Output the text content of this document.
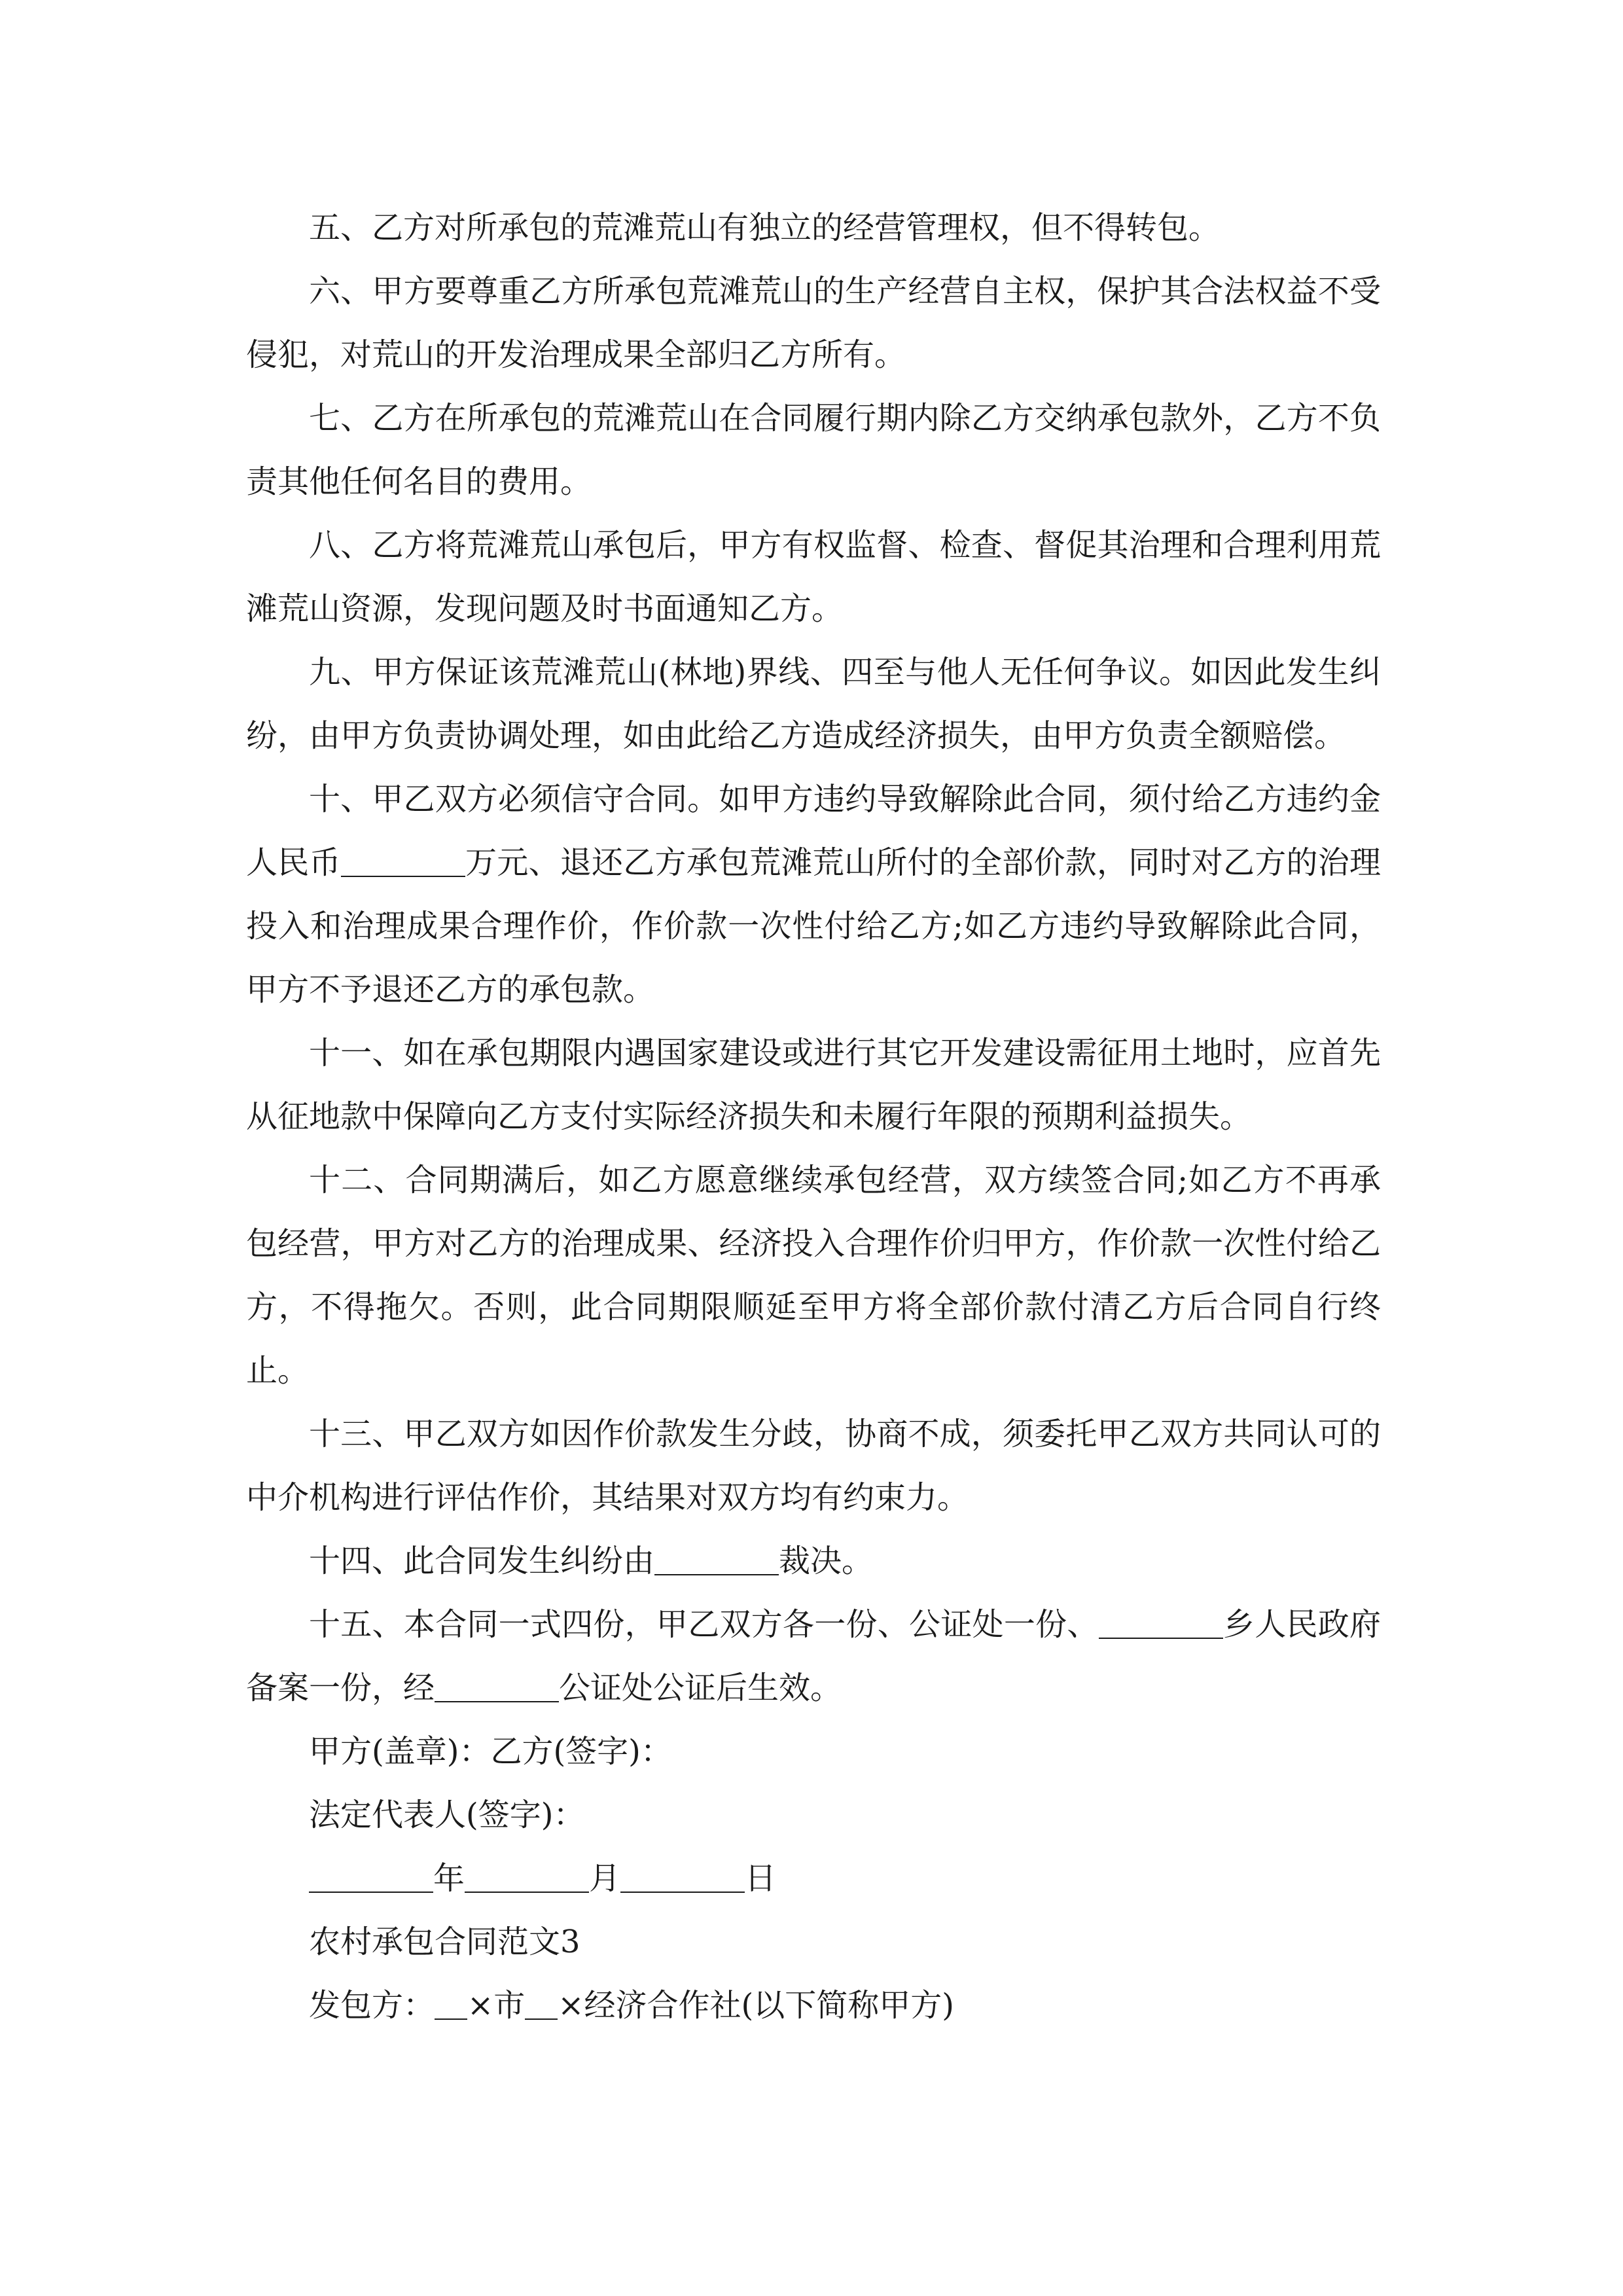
五、乙方对所承包的荒滩荒山有独立的经营管理权，但不得转包。

六、甲方要尊重乙方所承包荒滩荒山的生产经营自主权，保护其合法权益不受侵犯，对荒山的开发治理成果全部归乙方所有。

七、乙方在所承包的荒滩荒山在合同履行期内除乙方交纳承包款外，乙方不负责其他任何名目的费用。

八、乙方将荒滩荒山承包后，甲方有权监督、检查、督促其治理和合理利用荒滩荒山资源，发现问题及时书面通知乙方。

九、甲方保证该荒滩荒山(林地)界线、四至与他人无任何争议。如因此发生纠纷，由甲方负责协调处理，如由此给乙方造成经济损失，由甲方负责全额赔偿。

十、甲乙双方必须信守合同。如甲方违约导致解除此合同，须付给乙方违约金人民币	万元、退还乙方承包荒滩荒山所付的全部价款，同时对乙方的治理投入和治理成果合理作价，作价款一次性付给乙方;如乙方违约导致解除此合同，甲方不予退还乙方的承包款。

十一、如在承包期限内遇国家建设或进行其它开发建设需征用土地时，应首先从征地款中保障向乙方支付实际经济损失和未履行年限的预期利益损失。

十二、合同期满后，如乙方愿意继续承包经营，双方续签合同;如乙方不再承包经营，甲方对乙方的治理成果、经济投入合理作价归甲方，作价款一次性付给乙方，不得拖欠。否则，此合同期限顺延至甲方将全部价款付清乙方后合同自行终止。

十三、甲乙双方如因作价款发生分歧，协商不成，须委托甲乙双方共同认可的中介机构进行评估作价，其结果对双方均有约束力。

十四、此合同发生纠纷由	裁决。

十五、本合同一式四份，甲乙双方各一份、公证处一份、	乡人民政府备案一份，经	公证处公证后生效。

甲方(盖章)：乙方(签字)：

法定代表人(签字)：

年	月	日

农村承包合同范文3

发包方： ×市 ×经济合作社(以下简称甲方)
